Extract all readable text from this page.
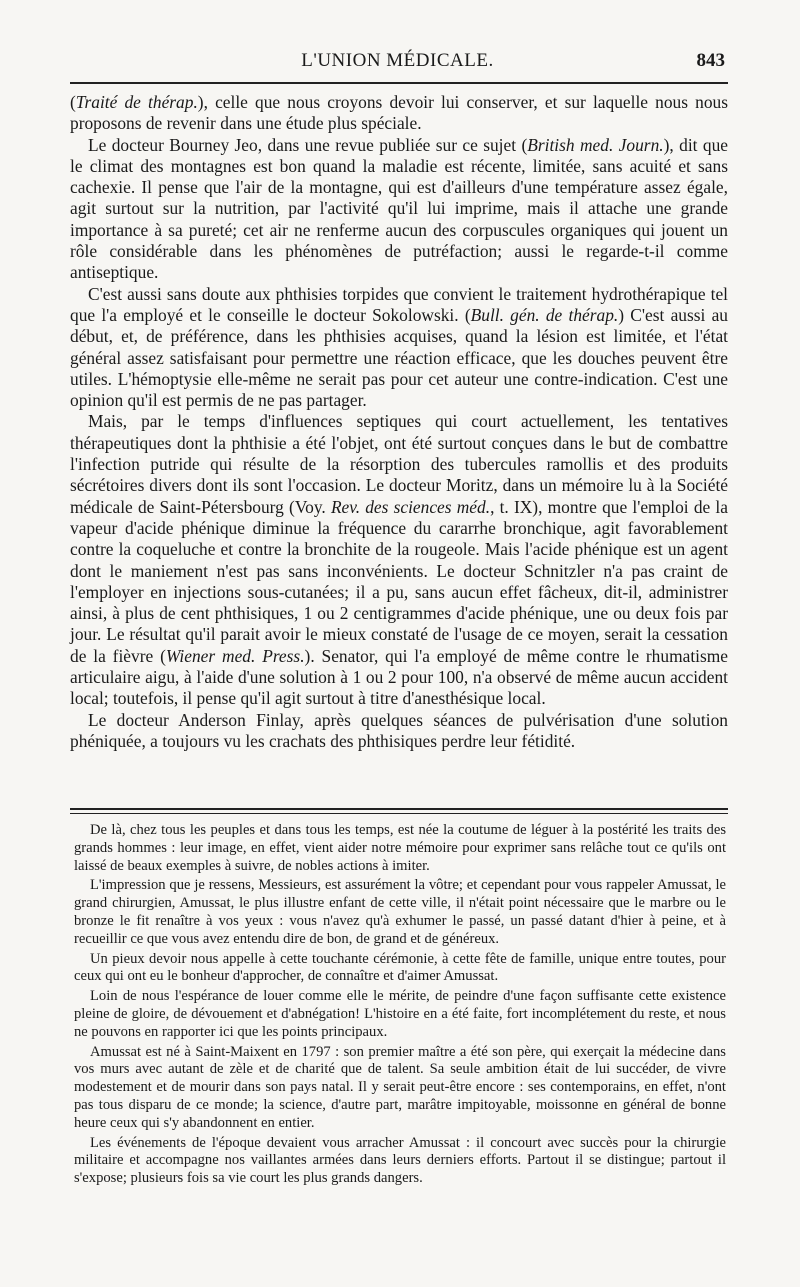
L'UNION MÉDICALE.	843

(Traité de thérap.), celle que nous croyons devoir lui conserver, et sur laquelle nous nous proposons de revenir dans une étude plus spéciale.

Le docteur Bourney Jeo, dans une revue publiée sur ce sujet (British med. Journ.), dit que le climat des montagnes est bon quand la maladie est récente, limitée, sans acuité et sans cachexie. Il pense que l'air de la montagne, qui est d'ailleurs d'une température assez égale, agit surtout sur la nutrition, par l'activité qu'il lui imprime, mais il attache une grande importance à sa pureté; cet air ne renferme aucun des corpuscules organiques qui jouent un rôle considérable dans les phénomènes de putréfaction; aussi le regarde-t-il comme antiseptique.

C'est aussi sans doute aux phthisies torpides que convient le traitement hydrothérapique tel que l'a employé et le conseille le docteur Sokolowski. (Bull. gén. de thérap.) C'est aussi au début, et, de préférence, dans les phthisies acquises, quand la lésion est limitée, et l'état général assez satisfaisant pour permettre une réaction efficace, que les douches peuvent être utiles. L'hémoptysie elle-même ne serait pas pour cet auteur une contre-indication. C'est une opinion qu'il est permis de ne pas partager.

Mais, par le temps d'influences septiques qui court actuellement, les tentatives thérapeutiques dont la phthisie a été l'objet, ont été surtout conçues dans le but de combattre l'infection putride qui résulte de la résorption des tubercules ramollis et des produits sécrétoires divers dont ils sont l'occasion. Le docteur Moritz, dans un mémoire lu à la Société médicale de Saint-Pétersbourg (Voy. Rev. des sciences méd., t. IX), montre que l'emploi de la vapeur d'acide phénique diminue la fréquence du cararrhe bronchique, agit favorablement contre la coqueluche et contre la bronchite de la rougeole. Mais l'acide phénique est un agent dont le maniement n'est pas sans inconvénients. Le docteur Schnitzler n'a pas craint de l'employer en injections sous-cutanées; il a pu, sans aucun effet fâcheux, dit-il, administrer ainsi, à plus de cent phthisiques, 1 ou 2 centigrammes d'acide phénique, une ou deux fois par jour. Le résultat qu'il parait avoir le mieux constaté de l'usage de ce moyen, serait la cessation de la fièvre (Wiener med. Press.). Senator, qui l'a employé de même contre le rhumatisme articulaire aigu, à l'aide d'une solution à 1 ou 2 pour 100, n'a observé de même aucun accident local; toutefois, il pense qu'il agit surtout à titre d'anesthésique local.

Le docteur Anderson Finlay, après quelques séances de pulvérisation d'une solution phéniquée, a toujours vu les crachats des phthisiques perdre leur fétidité.

De là, chez tous les peuples et dans tous les temps, est née la coutume de léguer à la postérité les traits des grands hommes : leur image, en effet, vient aider notre mémoire pour exprimer sans relâche tout ce qu'ils ont laissé de beaux exemples à suivre, de nobles actions à imiter.

L'impression que je ressens, Messieurs, est assurément la vôtre; et cependant pour vous rappeler Amussat, le grand chirurgien, Amussat, le plus illustre enfant de cette ville, il n'était point nécessaire que le marbre ou le bronze le fit renaître à vos yeux : vous n'avez qu'à exhumer le passé, un passé datant d'hier à peine, et à recueillir ce que vous avez entendu dire de bon, de grand et de généreux.

Un pieux devoir nous appelle à cette touchante cérémonie, à cette fête de famille, unique entre toutes, pour ceux qui ont eu le bonheur d'approcher, de connaître et d'aimer Amussat.

Loin de nous l'espérance de louer comme elle le mérite, de peindre d'une façon suffisante cette existence pleine de gloire, de dévouement et d'abnégation! L'histoire en a été faite, fort incomplétement du reste, et nous ne pouvons en rapporter ici que les points principaux.

Amussat est né à Saint-Maixent en 1797 : son premier maître a été son père, qui exerçait la médecine dans vos murs avec autant de zèle et de charité que de talent. Sa seule ambition était de lui succéder, de vivre modestement et de mourir dans son pays natal. Il y serait peut-être encore : ses contemporains, en effet, n'ont pas tous disparu de ce monde; la science, d'autre part, marâtre impitoyable, moissonne en général de bonne heure ceux qui s'y abandonnent en entier.

Les événements de l'époque devaient vous arracher Amussat : il concourt avec succès pour la chirurgie militaire et accompagne nos vaillantes armées dans leurs derniers efforts. Partout il se distingue; partout il s'expose; plusieurs fois sa vie court les plus grands dangers.
